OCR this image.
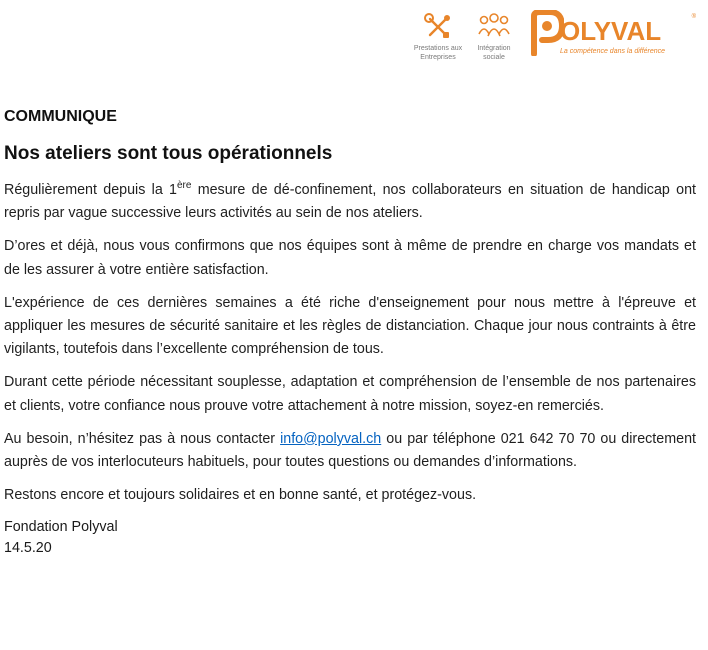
Prestations aux
Entreprises
Intégration
sociale
OLYVAL	®
La compétence dans la différence
COMMUNIQUE
Nos ateliers sont tous opérationnels

Régulièrement depuis la 1ère mesure de dé-confinement, nos collaborateurs en situation de handicap ont repris par vague successive leurs activités au sein de nos ateliers.

D’ores et déjà, nous vous confirmons que nos équipes sont à même de prendre en charge vos mandats et de les assurer à votre entière satisfaction.

L'expérience de ces dernières semaines a été riche d'enseignement pour nous mettre à l'épreuve et appliquer les mesures de sécurité sanitaire et les règles de distanciation. Chaque jour nous contraints à être vigilants, toutefois dans l’excellente compréhension de tous.

Durant cette période nécessitant souplesse, adaptation et compréhension de l’ensemble de nos partenaires et clients, votre confiance nous prouve votre attachement à notre mission, soyez-en remerciés.

Au besoin, n’hésitez pas à nous contacter info@polyval.ch ou par téléphone 021 642 70 70 ou directement auprès de vos interlocuteurs habituels, pour toutes questions ou demandes d’informations.

Restons encore et toujours solidaires et en bonne santé, et protégez-vous.

Fondation Polyval
14.5.20
